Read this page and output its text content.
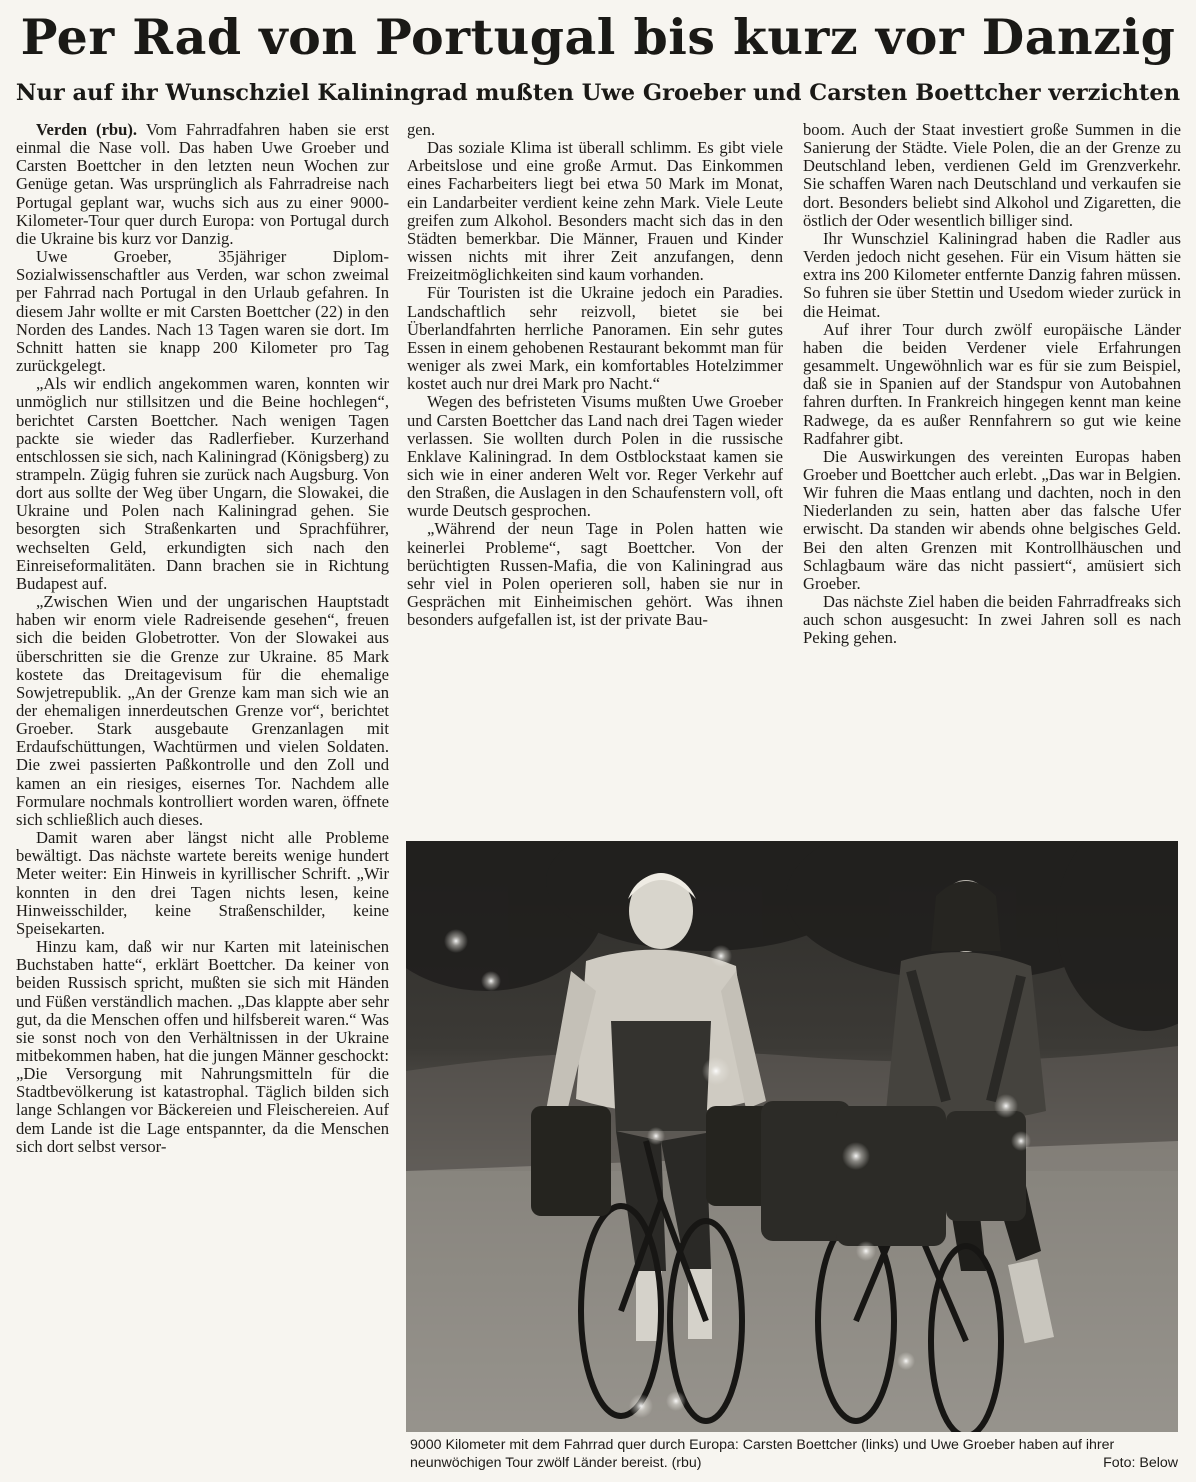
Per Rad von Portugal bis kurz vor Danzig
Nur auf ihr Wunschziel Kaliningrad mußten Uwe Groeber und Carsten Boettcher verzichten

Verden (rbu). Vom Fahrradfahren haben sie erst einmal die Nase voll. Das haben Uwe Groeber und Carsten Boettcher in den letzten neun Wochen zur Genüge getan. Was ursprünglich als Fahrradreise nach Portugal geplant war, wuchs sich aus zu einer 9000-Kilometer-Tour quer durch Europa: von Portugal durch die Ukraine bis kurz vor Danzig.

Uwe Groeber, 35jähriger Diplom-Sozialwissenschaftler aus Verden, war schon zweimal per Fahrrad nach Portugal in den Urlaub gefahren. In diesem Jahr wollte er mit Carsten Boettcher (22) in den Norden des Landes. Nach 13 Tagen waren sie dort. Im Schnitt hatten sie knapp 200 Kilometer pro Tag zurückgelegt.

„Als wir endlich angekommen waren, konnten wir unmöglich nur stillsitzen und die Beine hochlegen“, berichtet Carsten Boettcher. Nach wenigen Tagen packte sie wieder das Radlerfieber. Kurzerhand entschlossen sie sich, nach Kaliningrad (Königsberg) zu strampeln. Zügig fuhren sie zurück nach Augsburg. Von dort aus sollte der Weg über Ungarn, die Slowakei, die Ukraine und Polen nach Kaliningrad gehen. Sie besorgten sich Straßenkarten und Sprachführer, wechselten Geld, erkundigten sich nach den Einreiseformalitäten. Dann brachen sie in Richtung Budapest auf.

„Zwischen Wien und der ungarischen Hauptstadt haben wir enorm viele Radreisende gesehen“, freuen sich die beiden Globetrotter. Von der Slowakei aus überschritten sie die Grenze zur Ukraine. 85 Mark kostete das Dreitagevisum für die ehemalige Sowjetrepublik. „An der Grenze kam man sich wie an der ehemaligen innerdeutschen Grenze vor“, berichtet Groeber. Stark ausgebaute Grenzanlagen mit Erdaufschüttungen, Wachtürmen und vielen Soldaten. Die zwei passierten Paßkontrolle und den Zoll und kamen an ein riesiges, eisernes Tor. Nachdem alle Formulare nochmals kontrolliert worden waren, öffnete sich schließlich auch dieses.

Damit waren aber längst nicht alle Probleme bewältigt. Das nächste wartete bereits wenige hundert Meter weiter: Ein Hinweis in kyrillischer Schrift. „Wir konnten in den drei Tagen nichts lesen, keine Hinweisschilder, keine Straßenschilder, keine Speisekarten.

Hinzu kam, daß wir nur Karten mit lateinischen Buchstaben hatte“, erklärt Boettcher. Da keiner von beiden Russisch spricht, mußten sie sich mit Händen und Füßen verständlich machen. „Das klappte aber sehr gut, da die Menschen offen und hilfsbereit waren.“ Was sie sonst noch von den Verhältnissen in der Ukraine mitbekommen haben, hat die jungen Männer geschockt: „Die Versorgung mit Nahrungsmitteln für die Stadtbevölkerung ist katastrophal. Täglich bilden sich lange Schlangen vor Bäckereien und Fleischereien. Auf dem Lande ist die Lage entspannter, da die Menschen sich dort selbst versor-

gen.

Das soziale Klima ist überall schlimm. Es gibt viele Arbeitslose und eine große Armut. Das Einkommen eines Facharbeiters liegt bei etwa 50 Mark im Monat, ein Landarbeiter verdient keine zehn Mark. Viele Leute greifen zum Alkohol. Besonders macht sich das in den Städten bemerkbar. Die Männer, Frauen und Kinder wissen nichts mit ihrer Zeit anzufangen, denn Freizeitmöglichkeiten sind kaum vorhanden.

Für Touristen ist die Ukraine jedoch ein Paradies. Landschaftlich sehr reizvoll, bietet sie bei Überlandfahrten herrliche Panoramen. Ein sehr gutes Essen in einem gehobenen Restaurant bekommt man für weniger als zwei Mark, ein komfortables Hotelzimmer kostet auch nur drei Mark pro Nacht.“

Wegen des befristeten Visums mußten Uwe Groeber und Carsten Boettcher das Land nach drei Tagen wieder verlassen. Sie wollten durch Polen in die russische Enklave Kaliningrad. In dem Ostblockstaat kamen sie sich wie in einer anderen Welt vor. Reger Verkehr auf den Straßen, die Auslagen in den Schaufenstern voll, oft wurde Deutsch gesprochen.

„Während der neun Tage in Polen hatten wie keinerlei Probleme“, sagt Boettcher. Von der berüchtigten Russen-Mafia, die von Kaliningrad aus sehr viel in Polen operieren soll, haben sie nur in Gesprächen mit Einheimischen gehört. Was ihnen besonders aufgefallen ist, ist der private Bau-

boom. Auch der Staat investiert große Summen in die Sanierung der Städte. Viele Polen, die an der Grenze zu Deutschland leben, verdienen Geld im Grenzverkehr. Sie schaffen Waren nach Deutschland und verkaufen sie dort. Besonders beliebt sind Alkohol und Zigaretten, die östlich der Oder wesentlich billiger sind.

Ihr Wunschziel Kaliningrad haben die Radler aus Verden jedoch nicht gesehen. Für ein Visum hätten sie extra ins 200 Kilometer entfernte Danzig fahren müssen. So fuhren sie über Stettin und Usedom wieder zurück in die Heimat.

Auf ihrer Tour durch zwölf europäische Länder haben die beiden Verdener viele Erfahrungen gesammelt. Ungewöhnlich war es für sie zum Beispiel, daß sie in Spanien auf der Standspur von Autobahnen fahren durften. In Frankreich hingegen kennt man keine Radwege, da es außer Rennfahrern so gut wie keine Radfahrer gibt.

Die Auswirkungen des vereinten Europas haben Groeber und Boettcher auch erlebt. „Das war in Belgien. Wir fuhren die Maas entlang und dachten, noch in den Niederlanden zu sein, hatten aber das falsche Ufer erwischt. Da standen wir abends ohne belgisches Geld. Bei den alten Grenzen mit Kontrollhäuschen und Schlagbaum wäre das nicht passiert“, amüsiert sich Groeber.

Das nächste Ziel haben die beiden Fahrradfreaks sich auch schon ausgesucht: In zwei Jahren soll es nach Peking gehen.

9000 Kilometer mit dem Fahrrad quer durch Europa: Carsten Boettcher (links) und Uwe Groeber haben auf ihrer neunwöchigen Tour zwölf Länder bereist. (rbu)	Foto: Below
